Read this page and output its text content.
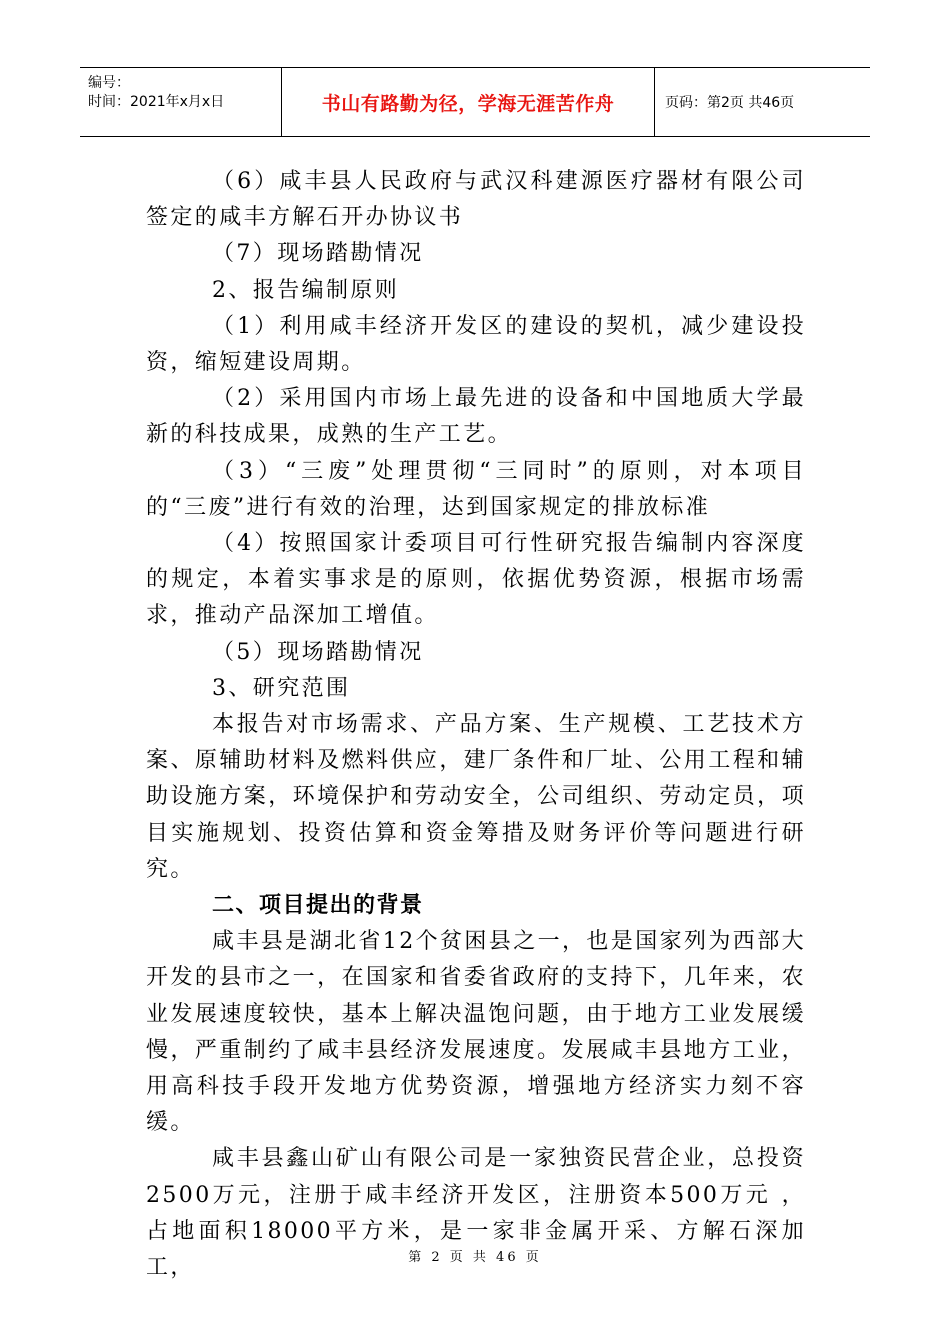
编号：
时间：2021年x月x日	书山有路勤为径，学海无涯苦作舟	页码：第2页 共46页

（6）咸丰县人民政府与武汉科建源医疗器材有限公司签定的咸丰方解石开办协议书

（7）现场踏勘情况

2、报告编制原则

（1）利用咸丰经济开发区的建设的契机，减少建设投资，缩短建设周期。

（2）采用国内市场上最先进的设备和中国地质大学最新的科技成果，成熟的生产工艺。

（3）“三废”处理贯彻“三同时”的原则，对本项目的“三废”进行有效的治理，达到国家规定的排放标准

（4）按照国家计委项目可行性研究报告编制内容深度的规定，本着实事求是的原则，依据优势资源，根据市场需求，推动产品深加工增值。

（5）现场踏勘情况

3、研究范围

本报告对市场需求、产品方案、生产规模、工艺技术方案、原辅助材料及燃料供应，建厂条件和厂址、公用工程和辅助设施方案，环境保护和劳动安全，公司组织、劳动定员，项目实施规划、投资估算和资金筹措及财务评价等问题进行研究。

二、项目提出的背景

咸丰县是湖北省12个贫困县之一，也是国家列为西部大开发的县市之一，在国家和省委省政府的支持下，几年来，农业发展速度较快，基本上解决温饱问题，由于地方工业发展缓慢，严重制约了咸丰县经济发展速度。发展咸丰县地方工业，用高科技手段开发地方优势资源，增强地方经济实力刻不容缓。

咸丰县鑫山矿山有限公司是一家独资民营企业，总投资2500万元，注册于咸丰经济开发区，注册资本500万元 ，占地面积18000平方米，是一家非金属开采、方解石深加工，	第 2 页 共 46 页
